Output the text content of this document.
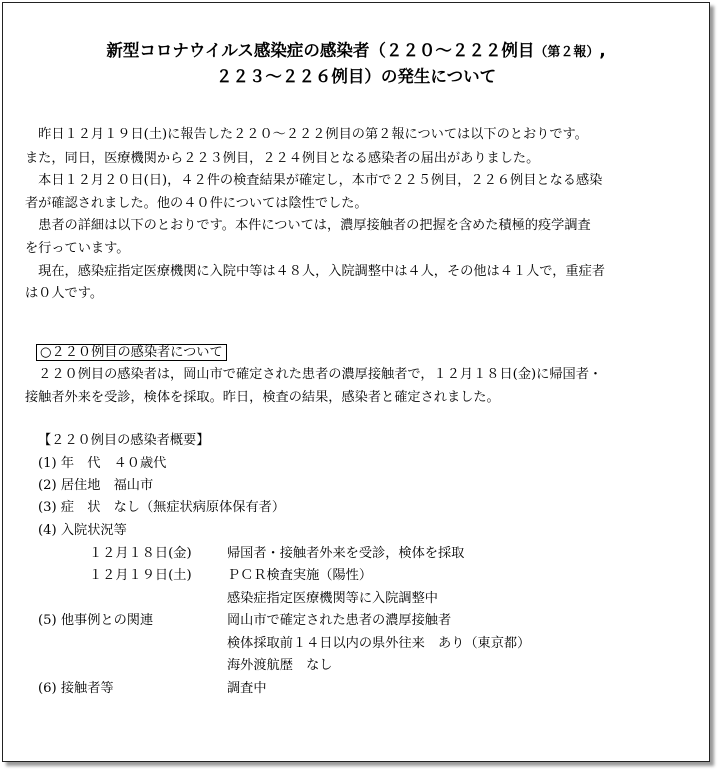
新型コロナウイルス感染症の感染者（２２０～２２２例目（第２報）,
２２３～２２６例目）の発生について
　昨日１２月１９日(土)に報告した２２０～２２２例目の第２報については以下のとおりです。
また，同日，医療機関から２２３例目，２２４例目となる感染者の届出がありました。
　本日１２月２０日(日)，４２件の検査結果が確定し，本市で２２５例目，２２６例目となる感染
者が確認されました。他の４０件については陰性でした。
　患者の詳細は以下のとおりです。本件については，濃厚接触者の把握を含めた積極的疫学調査
を行っています。
　現在，感染症指定医療機関に入院中等は４８人，入院調整中は４人，その他は４１人で，重症者
は０人です。
○２２０例目の感染者について
　２２０例目の感染者は，岡山市で確定された患者の濃厚接触者で，１２月１８日(金)に帰国者・
接触者外来を受診，検体を採取。昨日，検査の結果，感染者と確定されました。
【２２０例目の感染者概要】
(1) 年　代　４０歳代
(2) 居住地　福山市
(3) 症　状　なし（無症状病原体保有者）
(4) 入院状況等
１２月１８日(金)	帰国者・接触者外来を受診，検体を採取
１２月１９日(土)	ＰＣＲ検査実施（陽性）
感染症指定医療機関等に入院調整中
(5) 他事例との関連	岡山市で確定された患者の濃厚接触者
検体採取前１４日以内の県外往来　あり（東京都）
海外渡航歴　なし
(6) 接触者等	調査中
